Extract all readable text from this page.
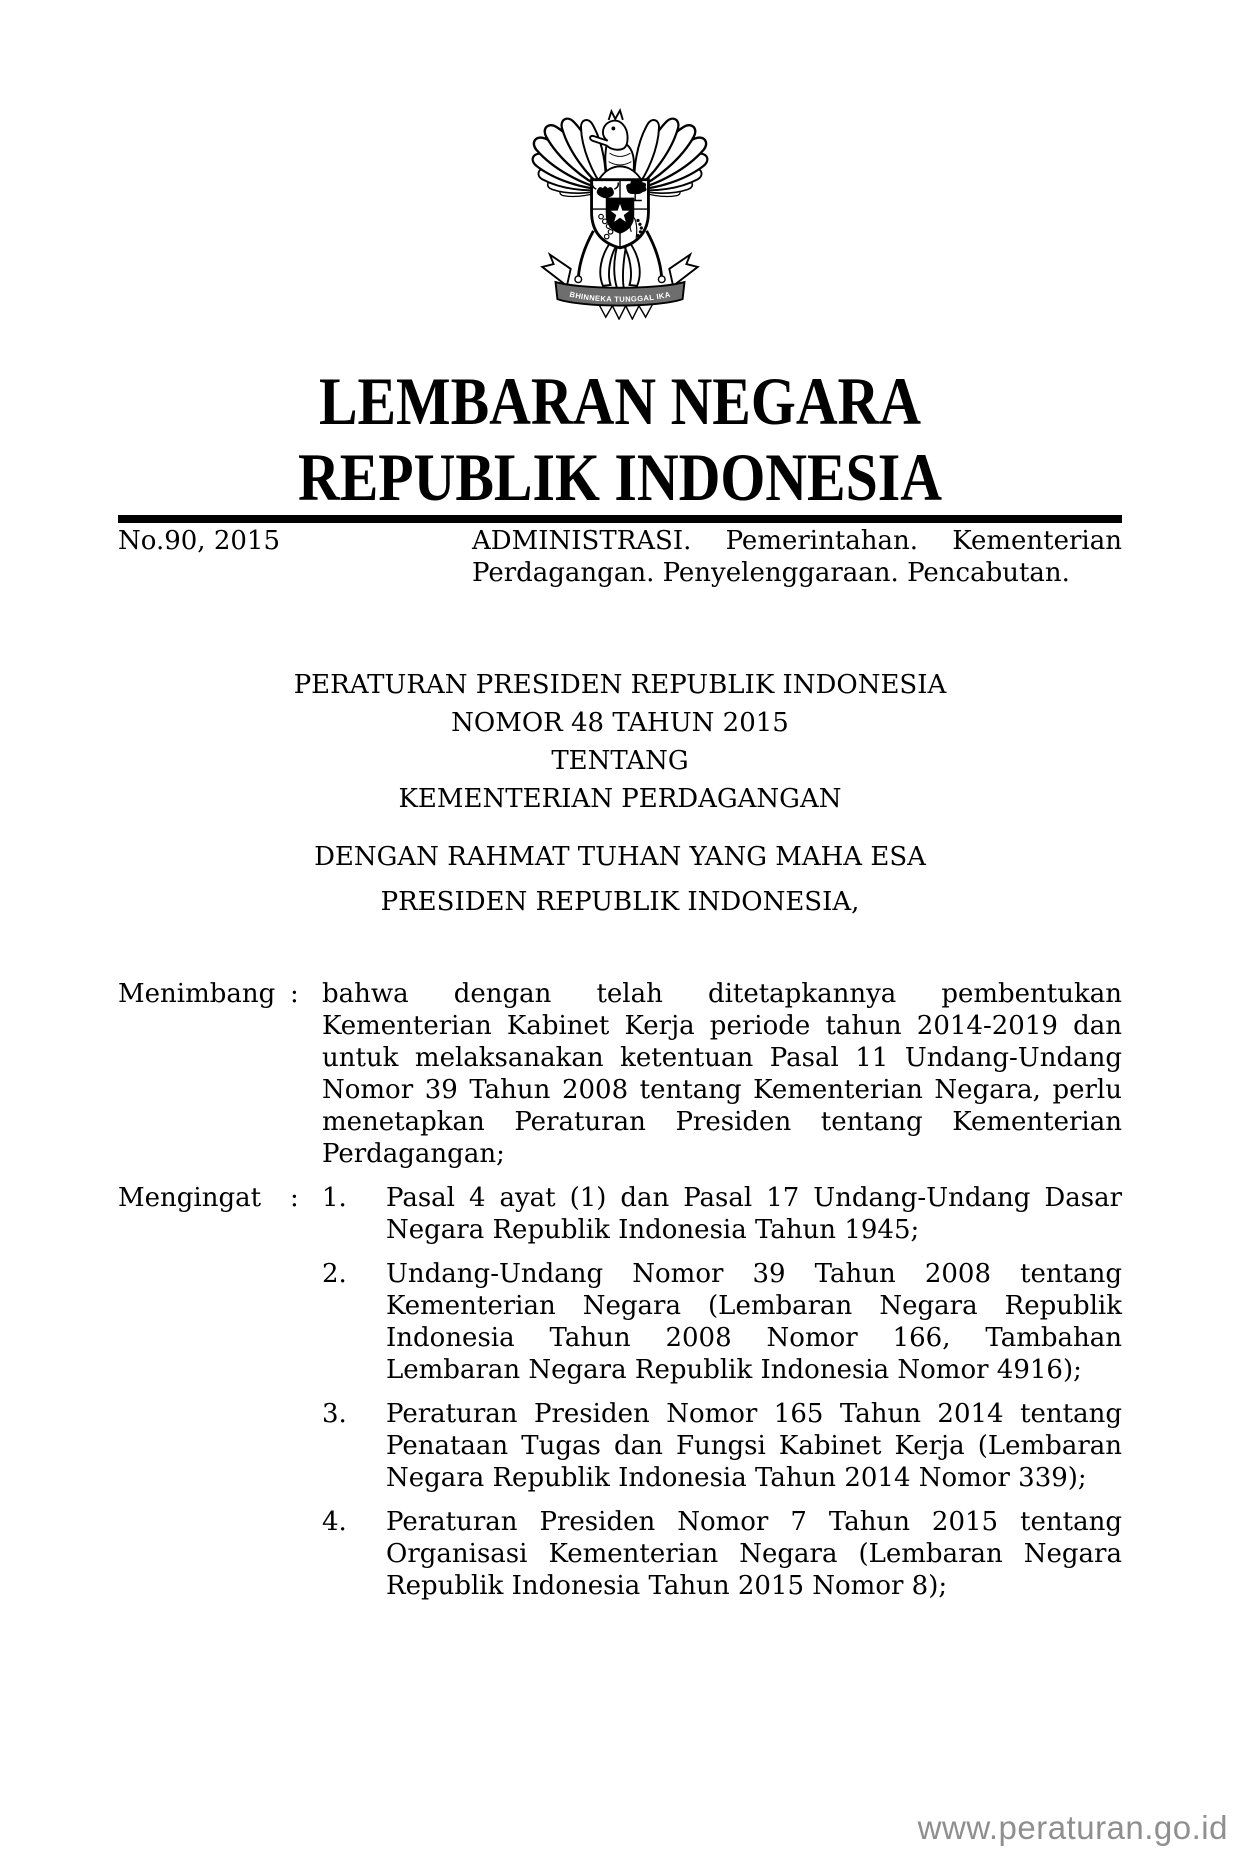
BHINNEKA TUNGGAL IKA
LEMBARAN NEGARA
REPUBLIK INDONESIA
No.90, 2015	ADMINISTRASI. Pemerintahan. Kementerian Perdagangan. Penyelenggaraan. Pencabutan.
PERATURAN PRESIDEN REPUBLIK INDONESIA
NOMOR 48 TAHUN 2015
TENTANG
KEMENTERIAN PERDAGANGAN
DENGAN RAHMAT TUHAN YANG MAHA ESA
PRESIDEN REPUBLIK INDONESIA,
Menimbang : bahwa dengan telah ditetapkannya pembentukan Kementerian Kabinet Kerja periode tahun 2014-2019 dan untuk melaksanakan ketentuan Pasal 11 Undang-Undang Nomor 39 Tahun 2008 tentang Kementerian Negara, perlu menetapkan Peraturan Presiden tentang Kementerian Perdagangan;
Mengingat	: 1.	Pasal 4 ayat (1) dan Pasal 17 Undang-Undang Dasar Negara Republik Indonesia Tahun 1945;
2.	Undang-Undang Nomor 39 Tahun 2008 tentang Kementerian Negara (Lembaran Negara Republik Indonesia Tahun 2008 Nomor 166, Tambahan Lembaran Negara Republik Indonesia Nomor 4916);
3.	Peraturan Presiden Nomor 165 Tahun 2014 tentang Penataan Tugas dan Fungsi Kabinet Kerja (Lembaran Negara Republik Indonesia Tahun 2014 Nomor 339);
4.	Peraturan Presiden Nomor 7 Tahun 2015 tentang Organisasi Kementerian Negara (Lembaran Negara Republik Indonesia Tahun 2015 Nomor 8);
www.peraturan.go.id
